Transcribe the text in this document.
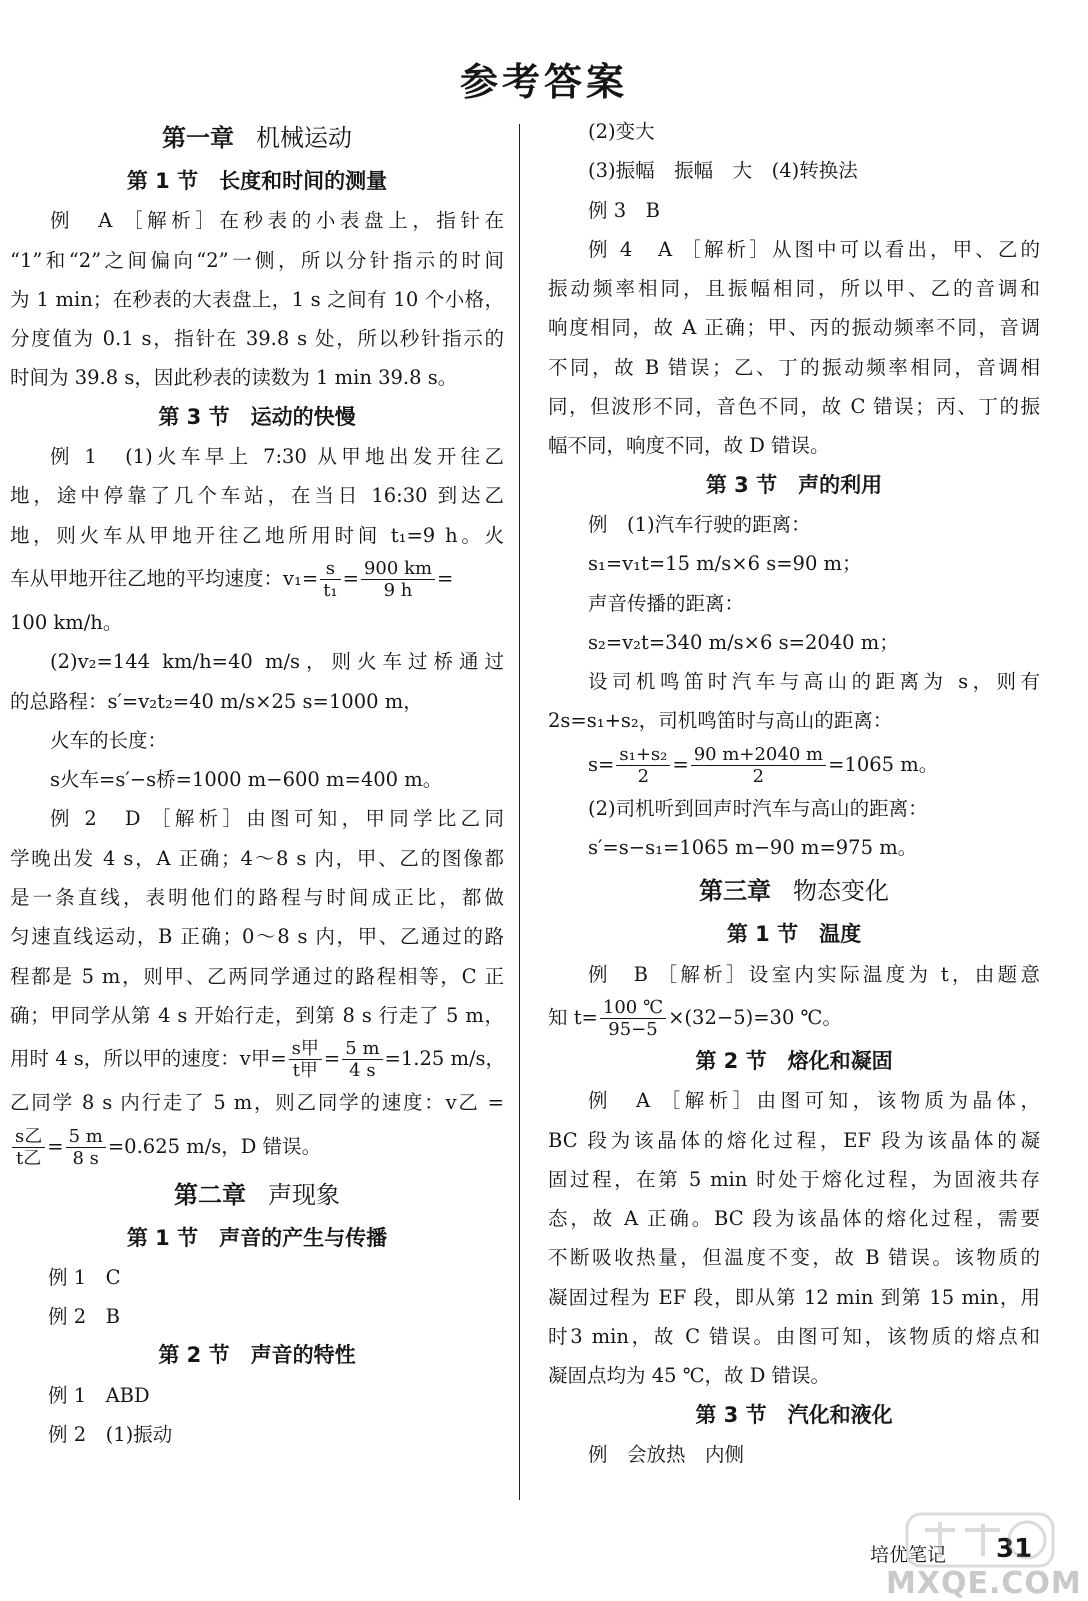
参考答案
第一章 机械运动
第 1 节　长度和时间的测量
例　A ［解析］在秒表的小表盘上，指针在
“1”和“2”之间偏向“2”一侧，所以分针指示的时间
为 1 min；在秒表的大表盘上，1 s 之间有 10 个小格，
分度值为 0.1 s，指针在 39.8 s 处，所以秒针指示的
时间为 39.8 s，因此秒表的读数为 1 min 39.8 s。
第 3 节　运动的快慢
例 1　(1)火车早上 7:30 从甲地出发开往乙
地，途中停靠了几个车站，在当日 16:30 到达乙
地，则火车从甲地开往乙地所用时间 t₁=9 h。火
车从甲地开往乙地的平均速度：$v_1= \frac{s}{\text{t₁}} = \frac{900 km}{9 h}$ =
100 km/h。
(2)v₂=144 km/h=40 m/s，则火车过桥通过
的总路程：s′=v₂t₂=40 m/s×25 s=1000 m，
火车的长度：
s火车=s′−s桥=1000 m−600 m=400 m。
例 2　D ［解析］由图可知，甲同学比乙同
学晚出发 4 s，A 正确；4～8 s 内，甲、乙的图像都
是一条直线，表明他们的路程与时间成正比，都做
匀速直线运动，B 正确；0～8 s 内，甲、乙通过的路
程都是 5 m，则甲、乙两同学通过的路程相等，C 正
确；甲同学从第 4 s 开始行走，到第 8 s 行走了 5 m，
用时 4 s，所以甲的速度：v甲= $\frac{\text{s甲}}{\text{t甲}} = \frac{5 m}{4 s} =1.25$ m/s，
乙同学 8 s 内行走了 5 m，则乙同学的速度：v乙 =
$\frac{\text{s乙}}{\text{t乙}} = \frac{5 m}{8 s} =0.625$ m/s，D 错误。
第二章 声现象
第 1 节　声音的产生与传播
例 1　C
例 2　B
第 2 节　声音的特性
例 1　ABD
例 2　(1)振动
(2)变大
(3)振幅　振幅　大　(4)转换法
例 3　B
例 4　A ［解析］从图中可以看出，甲、乙的
振动频率相同，且振幅相同，所以甲、乙的音调和
响度相同，故 A 正确；甲、丙的振动频率不同，音调
不同，故 B 错误；乙、丁的振动频率相同，音调相
同，但波形不同，音色不同，故 C 错误；丙、丁的振
幅不同，响度不同，故 D 错误。
第 3 节　声的利用
例　(1)汽车行驶的距离：
s₁=v₁t=15 m/s×6 s=90 m；
声音传播的距离：
s₂=v₂t=340 m/s×6 s=2040 m；
设司机鸣笛时汽车与高山的距离为 s，则有
2s=s₁+s₂，司机鸣笛时与高山的距离：
$s= \frac{\text{s₁+s₂}}{2} = \frac{90 m+2040 m}{2} =1065$ m。
(2)司机听到回声时汽车与高山的距离：
s′=s−s₁=1065 m−90 m=975 m。
第三章 物态变化
第 1 节　温度
例　B ［解析］设室内实际温度为 t，由题意
知 $t= \frac{100 ℃}{95-5} \times(32-5)=30$ ℃。
第 2 节　熔化和凝固
例　A ［解析］由图可知，该物质为晶体，
BC 段为该晶体的熔化过程，EF 段为该晶体的凝
固过程，在第 5 min 时处于熔化过程，为固液共存
态，故 A 正确。BC 段为该晶体的熔化过程，需要
不断吸收热量，但温度不变，故 B 错误。该物质的
凝固过程为 EF 段，即从第 12 min 到第 15 min，用
时3 min，故 C 错误。由图可知，该物质的熔点和
凝固点均为 45 ℃，故 D 错误。
第 3 节　汽化和液化
例　会放热　内侧
培优笔记 31
MXQE.COM
